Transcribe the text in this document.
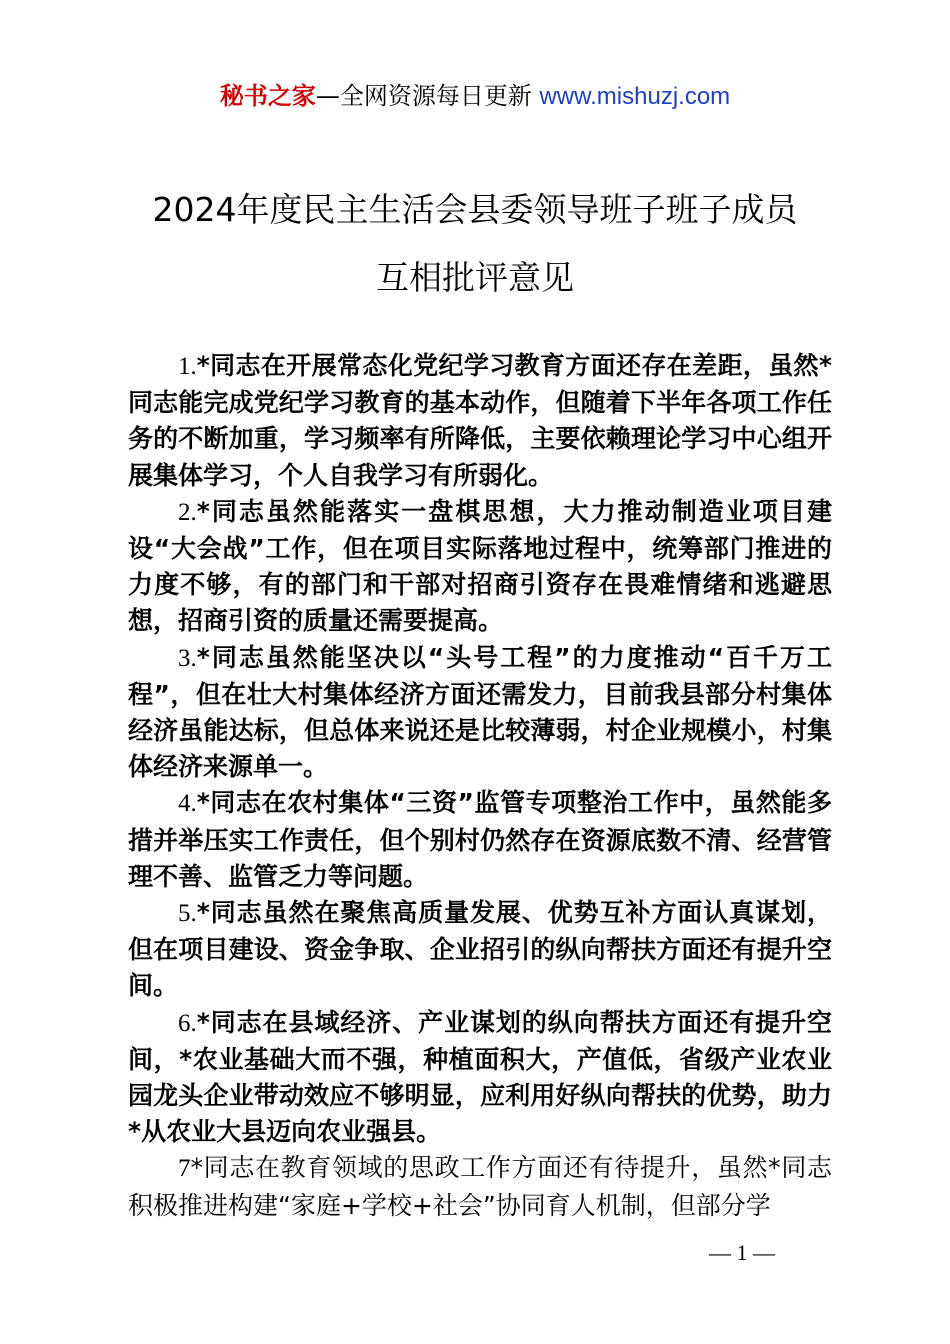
秘书之家—全网资源每日更新 www.mishuzj.com
2024年度民主生活会县委领导班子班子成员
互相批评意见

1.*同志在开展常态化党纪学习教育方面还存在差距，虽然*同志能完成党纪学习教育的基本动作，但随着下半年各项工作任务的不断加重，学习频率有所降低，主要依赖理论学习中心组开展集体学习，个人自我学习有所弱化。

2.*同志虽然能落实一盘棋思想，大力推动制造业项目建设“大会战”工作，但在项目实际落地过程中，统筹部门推进的力度不够，有的部门和干部对招商引资存在畏难情绪和逃避思想，招商引资的质量还需要提高。

3.*同志虽然能坚决以“头号工程”的力度推动“百千万工程”，但在壮大村集体经济方面还需发力，目前我县部分村集体经济虽能达标，但总体来说还是比较薄弱，村企业规模小，村集体经济来源单一。

4.*同志在农村集体“三资”监管专项整治工作中，虽然能多措并举压实工作责任，但个别村仍然存在资源底数不清、经营管理不善、监管乏力等问题。

5.*同志虽然在聚焦高质量发展、优势互补方面认真谋划，但在项目建设、资金争取、企业招引的纵向帮扶方面还有提升空间。

6.*同志在县域经济、产业谋划的纵向帮扶方面还有提升空间，*农业基础大而不强，种植面积大，产值低，省级产业农业园龙头企业带动效应不够明显，应利用好纵向帮扶的优势，助力*从农业大县迈向农业强县。

7*同志在教育领域的思政工作方面还有待提升，虽然*同志积极推进构建“家庭+学校+社会”协同育人机制，但部分学

— 1 —
